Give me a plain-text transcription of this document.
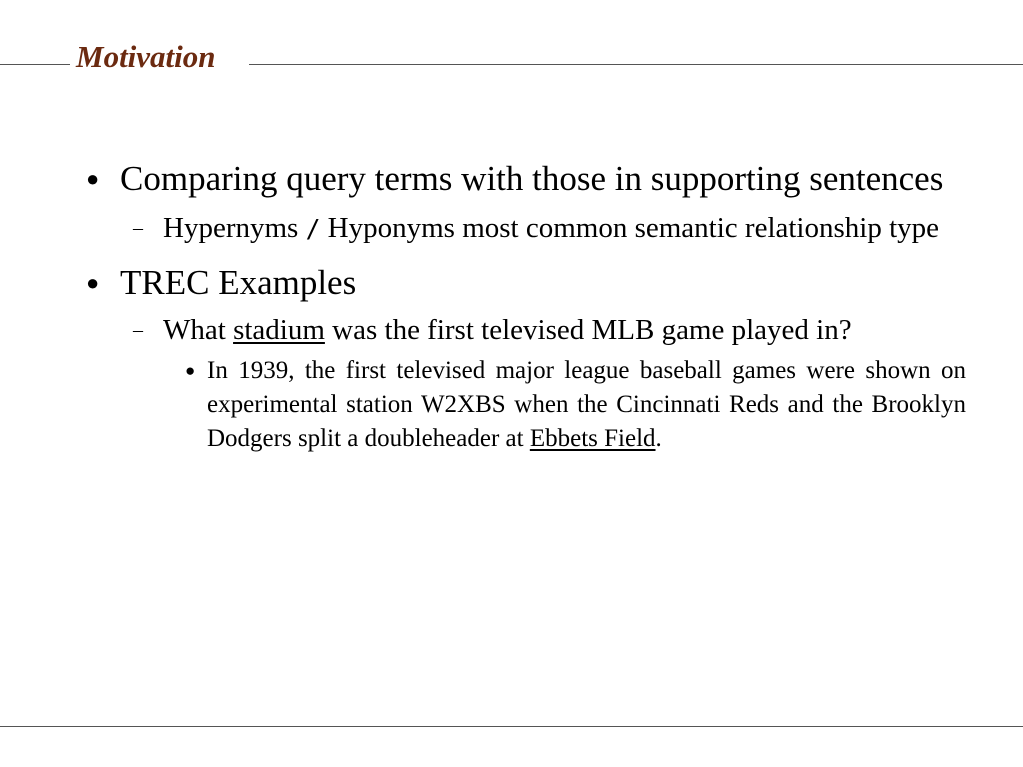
Motivation
● Comparing query terms with those in supporting sentences
– Hypernyms / Hyponyms most common semantic relationship type
● TREC Examples
– What stadium was the first televised MLB game played in?
● In 1939, the first televised major league baseball games were shown on experimental station W2XBS when the Cincinnati Reds and the Brooklyn Dodgers split a doubleheader at Ebbets Field.
